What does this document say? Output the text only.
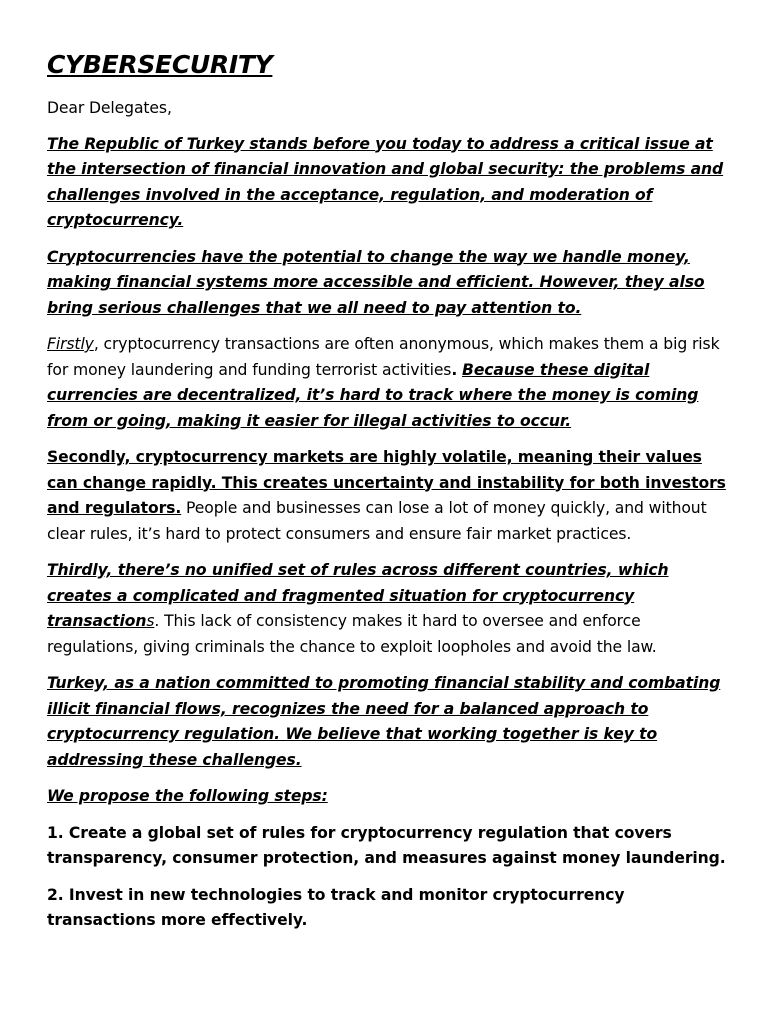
CYBERSECURITY

Dear Delegates,

The Republic of Turkey stands before you today to address a critical issue at the intersection of financial innovation and global security: the problems and challenges involved in the acceptance, regulation, and moderation of cryptocurrency.

Cryptocurrencies have the potential to change the way we handle money, making financial systems more accessible and efficient. However, they also bring serious challenges that we all need to pay attention to.

Firstly, cryptocurrency transactions are often anonymous, which makes them a big risk for money laundering and funding terrorist activities. Because these digital currencies are decentralized, it’s hard to track where the money is coming from or going, making it easier for illegal activities to occur.

Secondly, cryptocurrency markets are highly volatile, meaning their values can change rapidly. This creates uncertainty and instability for both investors and regulators. People and businesses can lose a lot of money quickly, and without clear rules, it’s hard to protect consumers and ensure fair market practices.

Thirdly, there’s no unified set of rules across different countries, which creates a complicated and fragmented situation for cryptocurrency transactions. This lack of consistency makes it hard to oversee and enforce regulations, giving criminals the chance to exploit loopholes and avoid the law.

Turkey, as a nation committed to promoting financial stability and combating illicit financial flows, recognizes the need for a balanced approach to cryptocurrency regulation. We believe that working together is key to addressing these challenges.

We propose the following steps:

1. Create a global set of rules for cryptocurrency regulation that covers transparency, consumer protection, and measures against money laundering.

2. Invest in new technologies to track and monitor cryptocurrency transactions more effectively.
